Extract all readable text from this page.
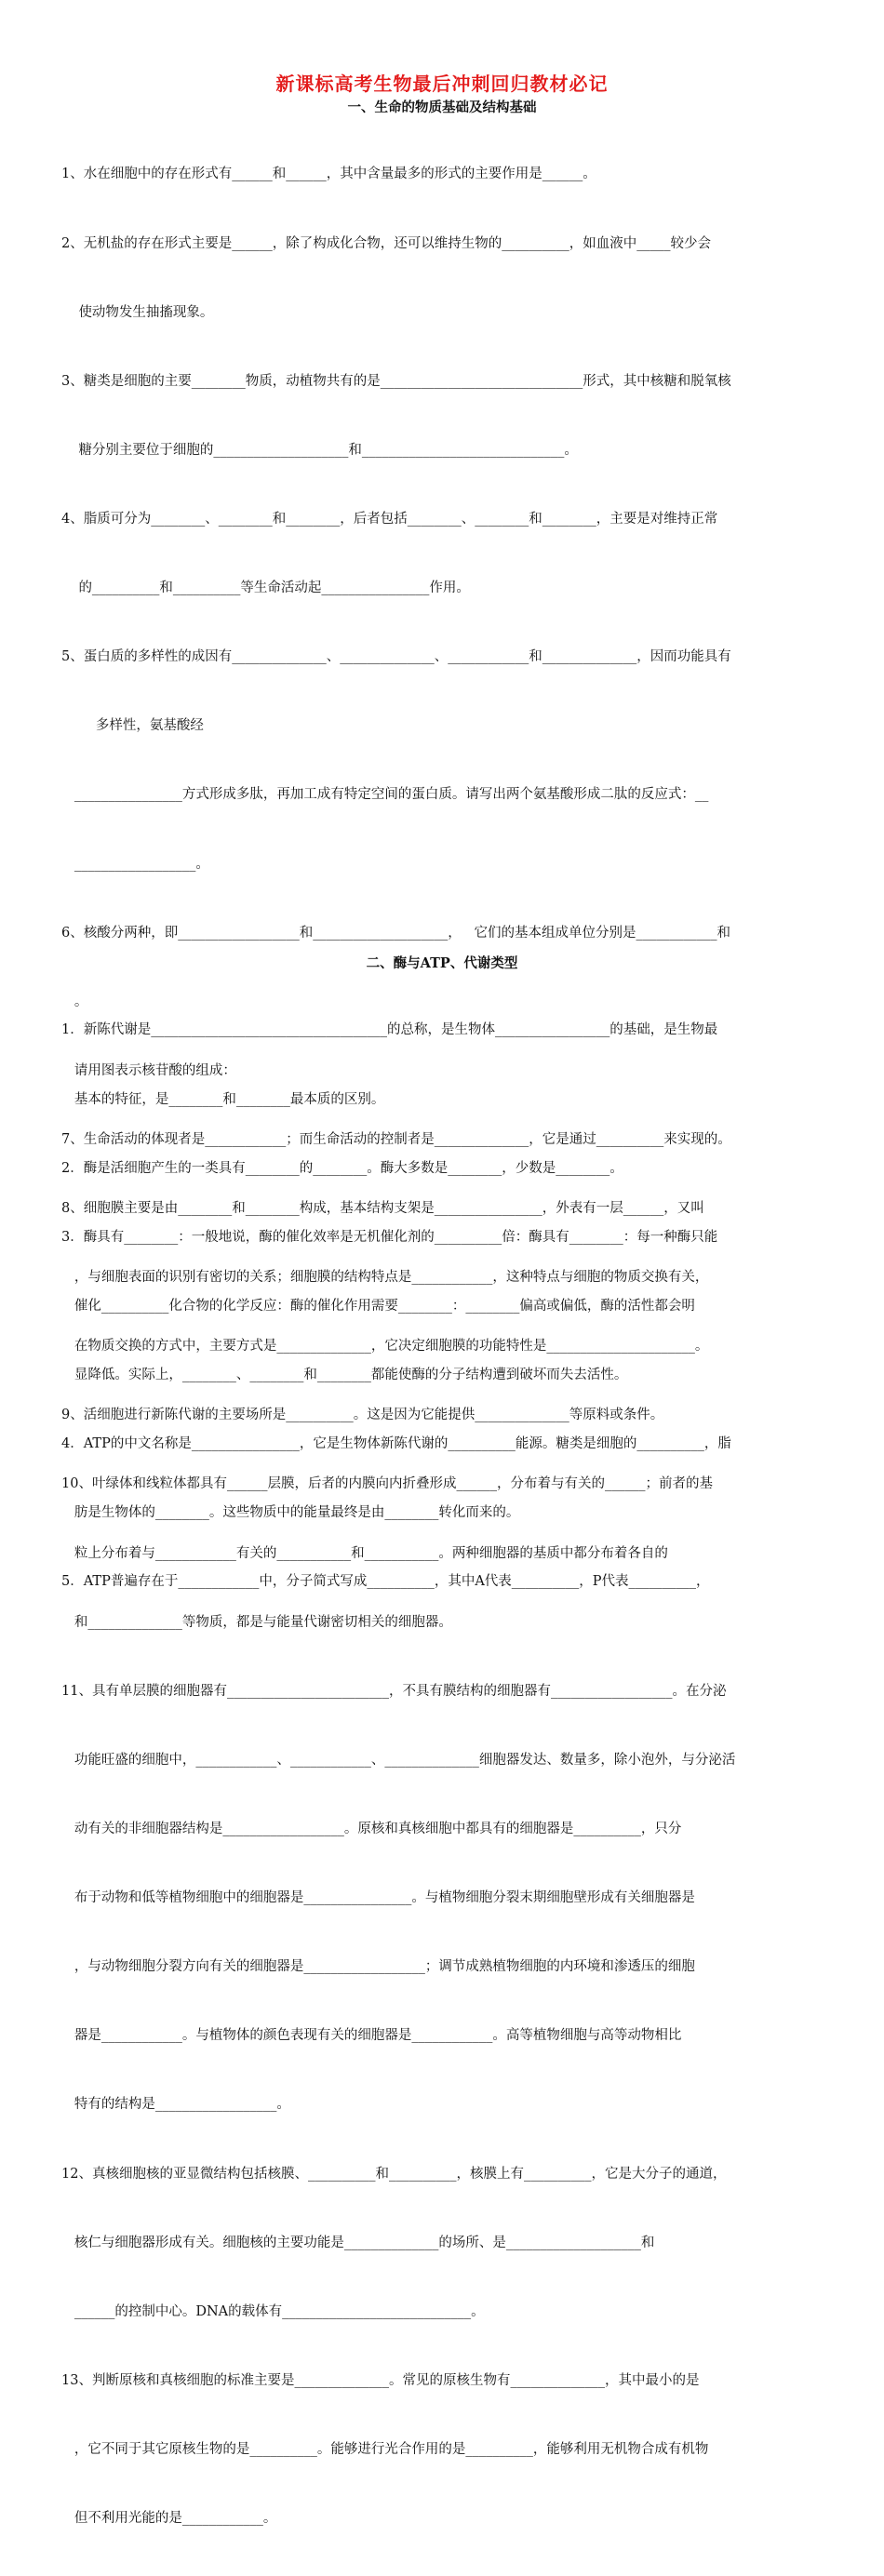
新课标高考生物最后冲刺回归教材必记
一、生命的物质基础及结构基础

1、水在细胞中的存在形式有______和______，其中含量最多的形式的主要作用是______。

2、无机盐的存在形式主要是______，除了构成化合物，还可以维持生物的__________，如血液中_____较少会

使动物发生抽搐现象。

3、糖类是细胞的主要________物质，动植物共有的是______________________________形式，其中核糖和脱氧核

糖分别主要位于细胞的____________________和______________________________。

4、脂质可分为________、________和________，后者包括________、________和________，主要是对维持正常

的__________和__________等生命活动起________________作用。

5、蛋白质的多样性的成因有______________、______________、____________和______________，因而功能具有

多样性，氨基酸经

________________方式形成多肽，再加工成有特定空间的蛋白质。请写出两个氨基酸形成二肽的反应式：__

__________________。

6、核酸分两种，即__________________和____________________，   它们的基本组成单位分别是____________和

。

请用图表示核苷酸的组成：

7、生命活动的体现者是____________；而生命活动的控制者是______________，它是通过__________来实现的。

8、细胞膜主要是由________和________构成，基本结构支架是________________，外表有一层______，又叫

，与细胞表面的识别有密切的关系；细胞膜的结构特点是____________，这种特点与细胞的物质交换有关，

在物质交换的方式中，主要方式是______________，它决定细胞膜的功能特性是______________________。

9、活细胞进行新陈代谢的主要场所是__________。这是因为它能提供______________等原料或条件。

10、叶绿体和线粒体都具有______层膜，后者的内膜向内折叠形成______，分布着与有关的______；前者的基

粒上分布着与____________有关的___________和___________。两种细胞器的基质中都分布着各自的

和______________等物质，都是与能量代谢密切相关的细胞器。

11、具有单层膜的细胞器有________________________，不具有膜结构的细胞器有__________________。在分泌

功能旺盛的细胞中，____________、____________、______________细胞器发达、数量多，除小泡外，与分泌活

动有关的非细胞器结构是__________________。原核和真核细胞中都具有的细胞器是__________，只分

布于动物和低等植物细胞中的细胞器是________________。与植物细胞分裂末期细胞壁形成有关细胞器是

，与动物细胞分裂方向有关的细胞器是__________________；调节成熟植物细胞的内环境和渗透压的细胞

器是____________。与植物体的颜色表现有关的细胞器是____________。高等植物细胞与高等动物相比

特有的结构是__________________。

12、真核细胞核的亚显微结构包括核膜、__________和__________，核膜上有__________，它是大分子的通道，

核仁与细胞器形成有关。细胞核的主要功能是______________的场所、是____________________和

______的控制中心。DNA的载体有____________________________。

13、判断原核和真核细胞的标准主要是______________。常见的原核生物有______________，其中最小的是

，它不同于其它原核生物的是__________。能够进行光合作用的是__________，能够利用无机物合成有机物

但不利用光能的是____________。

二、酶与ATP、代谢类型

1．新陈代谢是___________________________________的总称，是生物体_________________的基础，是生物最

基本的特征，是________和________最本质的区别。

2．酶是活细胞产生的一类具有________的________。酶大多数是________，少数是________。

3．酶具有________：一般地说，酶的催化效率是无机催化剂的__________倍：酶具有________：每一种酶只能

催化__________化合物的化学反应：酶的催化作用需要________：________偏高或偏低，酶的活性都会明

显降低。实际上，________、________和________都能使酶的分子结构遭到破坏而失去活性。

4．ATP的中文名称是________________，它是生物体新陈代谢的__________能源。糖类是细胞的__________，脂

肪是生物体的________。这些物质中的能量最终是由________转化而来的。

5．ATP普遍存在于____________中，分子简式写成__________，其中A代表__________，P代表__________，
